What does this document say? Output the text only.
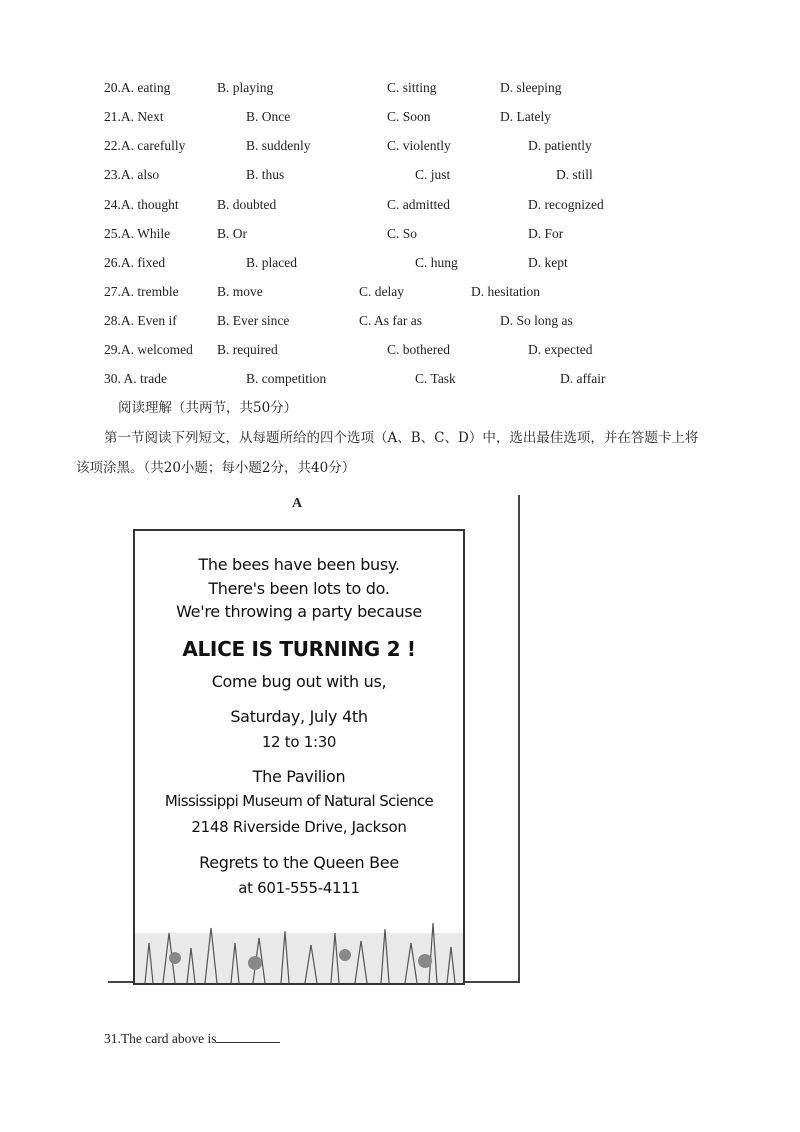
20.A. eating	B. playing	C. sitting	D. sleeping
21.A. Next	B. Once	C. Soon	D. Lately
22.A. carefully	B. suddenly	C. violently	D. patiently
23.A. also	B. thus	C. just	D. still
24.A. thought	B. doubted	C. admitted	D. recognized
25.A. While	B. Or	C. So	D. For
26.A. fixed	B. placed	C. hung	D. kept
27.A. tremble	B. move	C. delay	D. hesitation
28.A. Even if	B. Ever since	C. As far as	D. So long as
29.A. welcomed B. required	C. bothered	D. expected
30. A. trade	B. competition	C. Task	D. affair
阅读理解（共两节，共50分）
第一节阅读下列短文，从每题所给的四个选项（A、B、C、D）中，选出最佳选项，并在答题卡上将
该项涂黑。（共20小题；每小题2分，共40分）
A
The bees have been busy.
There's been lots to do.
We're throwing a party because
ALICE IS TURNING 2 !
Come bug out with us,
Saturday, July 4th
12 to 1:30
The Pavilion
Mississippi Museum of Natural Science
2148 Riverside Drive, Jackson
Regrets to the Queen Bee
at 601-555-4111
31.The card above is
